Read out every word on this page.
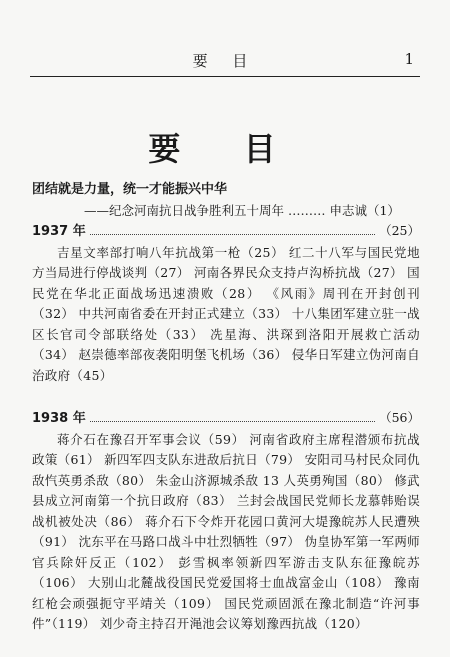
要 目	1
要 目
团结就是力量，统一才能振兴中华
——纪念河南抗日战争胜利五十周年 ……… 申志诚（1）
1937 年	（25）
吉星文率部打响八年抗战第一枪（25） 红二十八军与国民党地方当局进行停战谈判（27） 河南各界民众支持卢沟桥抗战（27） 国民党在华北正面战场迅速溃败（28） 《风雨》周刊在开封创刊（32） 中共河南省委在开封正式建立（33） 十八集团军建立驻一战区长官司令部联络处（33） 冼星海、洪琛到洛阳开展救亡活动（34） 赵崇德率部夜袭阳明堡飞机场（36） 侵华日军建立伪河南自治政府（45）
1938 年	（56）
蒋介石在豫召开军事会议（59） 河南省政府主席程潜颁布抗战政策（61） 新四军四支队东进敌后抗日（79） 安阳司马村民众同仇敌忾英勇杀敌（80） 朱金山济源城杀敌 13 人英勇殉国（80） 修武县成立河南第一个抗日政府（83） 兰封会战国民党师长龙慕韩贻误战机被处决（86） 蒋介石下令炸开花园口黄河大堤豫皖苏人民遭殃（91） 沈东平在马路口战斗中壮烈牺牲（97） 伪皇协军第一军两师官兵除奸反正（102） 彭雪枫率领新四军游击支队东征豫皖苏（106） 大别山北麓战役国民党爱国将士血战富金山（108） 豫南红枪会顽强扼守平靖关（109） 国民党顽固派在豫北制造“许河事件”（119） 刘少奇主持召开渑池会议筹划豫西抗战（120）
